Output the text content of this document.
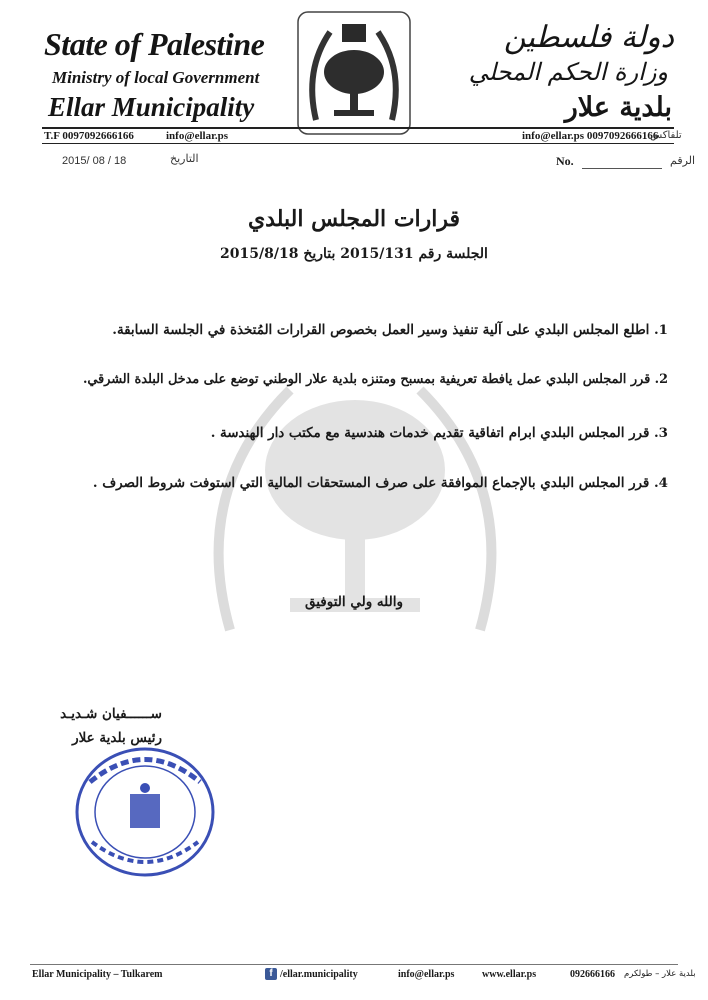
State of Palestine
Ministry of local Government
Ellar Municipality
دولة فلسطين
وزارة الحكم المحلي
بلدية علار
T.F 0097092666166	info@ellar.ps	info@ellar.ps 0097092666166
تلفاكس
2015/ 08 / 18	التاريخ	No.	الرقم
قرارات المجلس البلدي
الجلسة رقم 2015/131 بتاريخ 2015/8/18
1. اطلع المجلس البلدي على آلية تنفيذ وسير العمل بخصوص القرارات المُتخذة في الجلسة السابقة.
2. قرر المجلس البلدي عمل يافطة تعريفية بمسبح ومتنزه بلدية علار الوطني توضع على مدخل البلدة الشرقي.
3. قرر المجلس البلدي ابرام اتفاقية تقديم خدمات هندسية مع مكتب دار الهندسة .
4. قرر المجلس البلدي بالإجماع الموافقة على صرف المستحقات المالية التي استوفت شروط الصرف .
والله ولي التوفيق
ســــــفيان شـديـد
رئيس بلدية علار
Ellar Municipality – Tulkarem	f /ellar.municipality	info@ellar.ps	www.ellar.ps	092666166 بلدية علار – طولكرم
